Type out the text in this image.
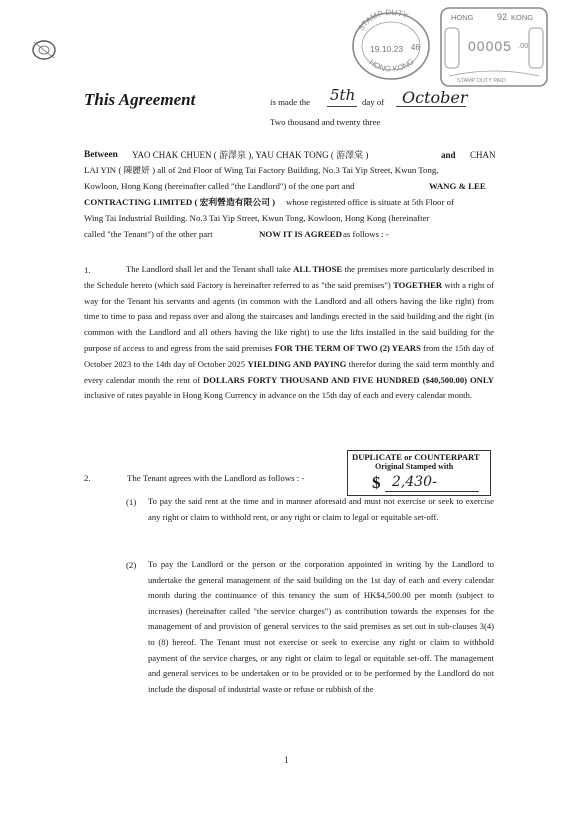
STAMP DUTY
HONG KONG
19.10.23 46
HONG	92 KONG
STAMP DUTY PAID
00005 .00
This Agreement	is made the 5th day of October
Two thousand and twenty three
Between YAO CHAK CHUEN ( 游澤泉 ), YAU CHAK TONG ( 游澤棠 )	and CHAN
LAI YIN ( 陳麗妍 ) all of 2nd Floor of Wing Tai Factory Building, No.3 Tai Yip Street, Kwun Tong,
Kowloon, Hong Kong (hereinafter called "the Landlord") of the one part and	WANG & LEE
CONTRACTING LIMITED ( 宏利營造有限公司 ) whose registered office is situate at 5th Floor of
Wing Tai Industrial Building. No.3 Tai Yip Street, Kwun Tong, Kowloon, Hong Kong (hereinafter
called "the Tenant") of the other part	NOW IT IS AGREED as follows : -
1.	The Landlord shall let and the Tenant shall take ALL THOSE the premises more particularly described in the Schedule hereto (which said Factory is hereinafter referred to as "the said premises") TOGETHER with a right of way for the Tenant his servants and agents (in common with the Landlord and all others having the like right) from time to time to pass and repass over and along the staircases and landings erected in the said building and the right (in common with the Landlord and all others having the like right) to use the lifts installed in the said building for the purpose of access to and egress from the said premises FOR THE TERM OF TWO (2) YEARS from the 15th day of October 2023 to the 14th day of October 2025 YIELDING AND PAYING therefor during the said term monthly and every calendar month the rent of DOLLARS FORTY THOUSAND AND FIVE HUNDRED ($40,500.00) ONLY inclusive of rates payable in Hong Kong Currency in advance on the 15th day of each and every calendar month.
DUPLICATE or COUNTERPART
Original Stamped with
$ 2,430-
2.	The Tenant agrees with the Landlord as follows : -
(1) To pay the said rent at the time and in manner aforesaid and must not exercise or seek to exercise any right or claim to withhold rent, or any right or claim to legal or equitable set-off.
(2) To pay the Landlord or the person or the corporation appointed in writing by the Landlord to undertake the general management of the said building on the 1st day of each and every calendar month during the continuance of this tenancy the sum of HK$4,500.00 per month (subject to increases) (hereinafter called "the service charges") as contribution towards the expenses for the management of and provision of general services to the said premises as set out in sub-clauses 3(4) to (8) hereof. The Tenant must not exercise or seek to exercise any right or claim to withhold payment of the service charges, or any right or claim to legal or equitable set-off. The management and general services to be undertaken or to be provided or to be performed by the Landlord do not include the disposal of industrial waste or refuse or rubbish of the
1
